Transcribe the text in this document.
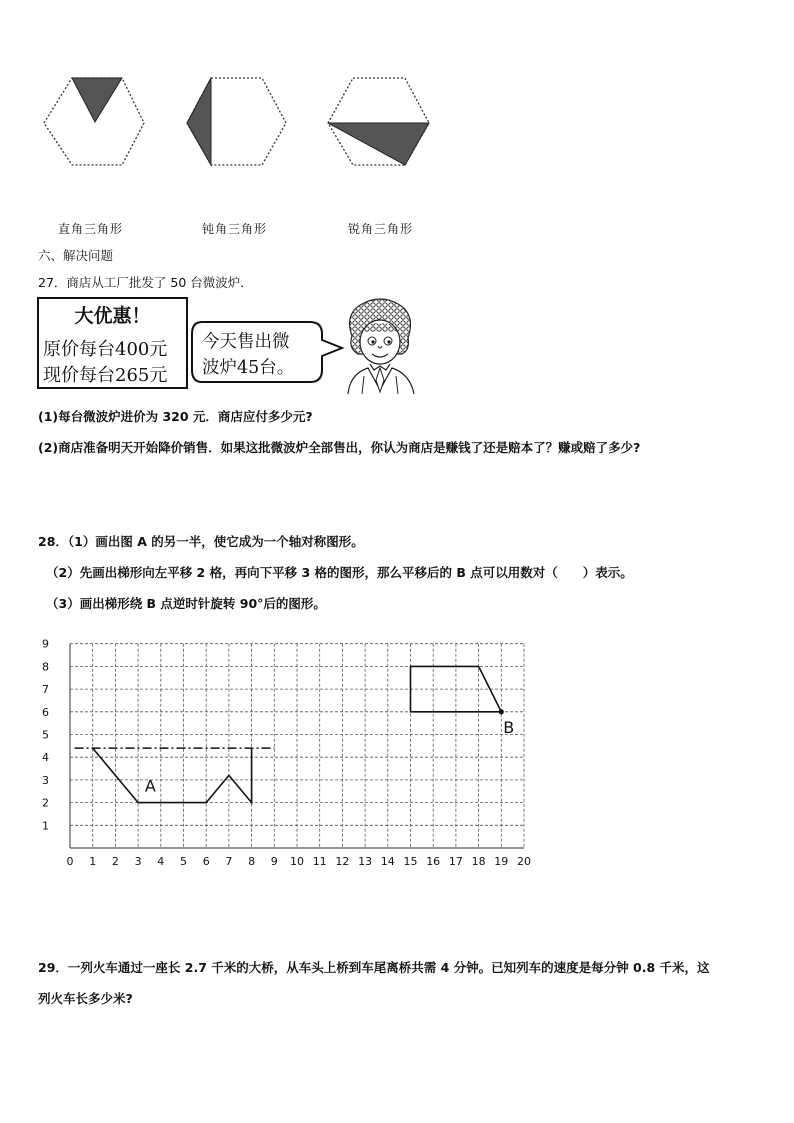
直角三角形	钝角三角形	锐角三角形
六、解决问题
27．商店从工厂批发了 50 台微波炉．
大优惠！
原价每台400元
现价每台265元
今天售出微
波炉45台。
(1)每台微波炉进价为 320 元．商店应付多少元?
(2)商店准备明天开始降价销售．如果这批微波炉全部售出，你认为商店是赚钱了还是赔本了？赚或赔了多少?
28．（1）画出图 A 的另一半，使它成为一个轴对称图形。
（2）先画出梯形向左平移 2 格，再向下平移 3 格的图形，那么平移后的 B 点可以用数对（　　）表示。
（3）画出梯形绕 B 点逆时针旋转 90°后的图形。
0 1 2 3 4 5 6 7 8 9 10 11 12 13 14 15 16 17 18 19 20
1
2
3
4
5
6
7
8
9
A
B
29．一列火车通过一座长 2.7 千米的大桥，从车头上桥到车尾离桥共需 4 分钟。已知列车的速度是每分钟 0.8 千米，这
列火车长多少米?
